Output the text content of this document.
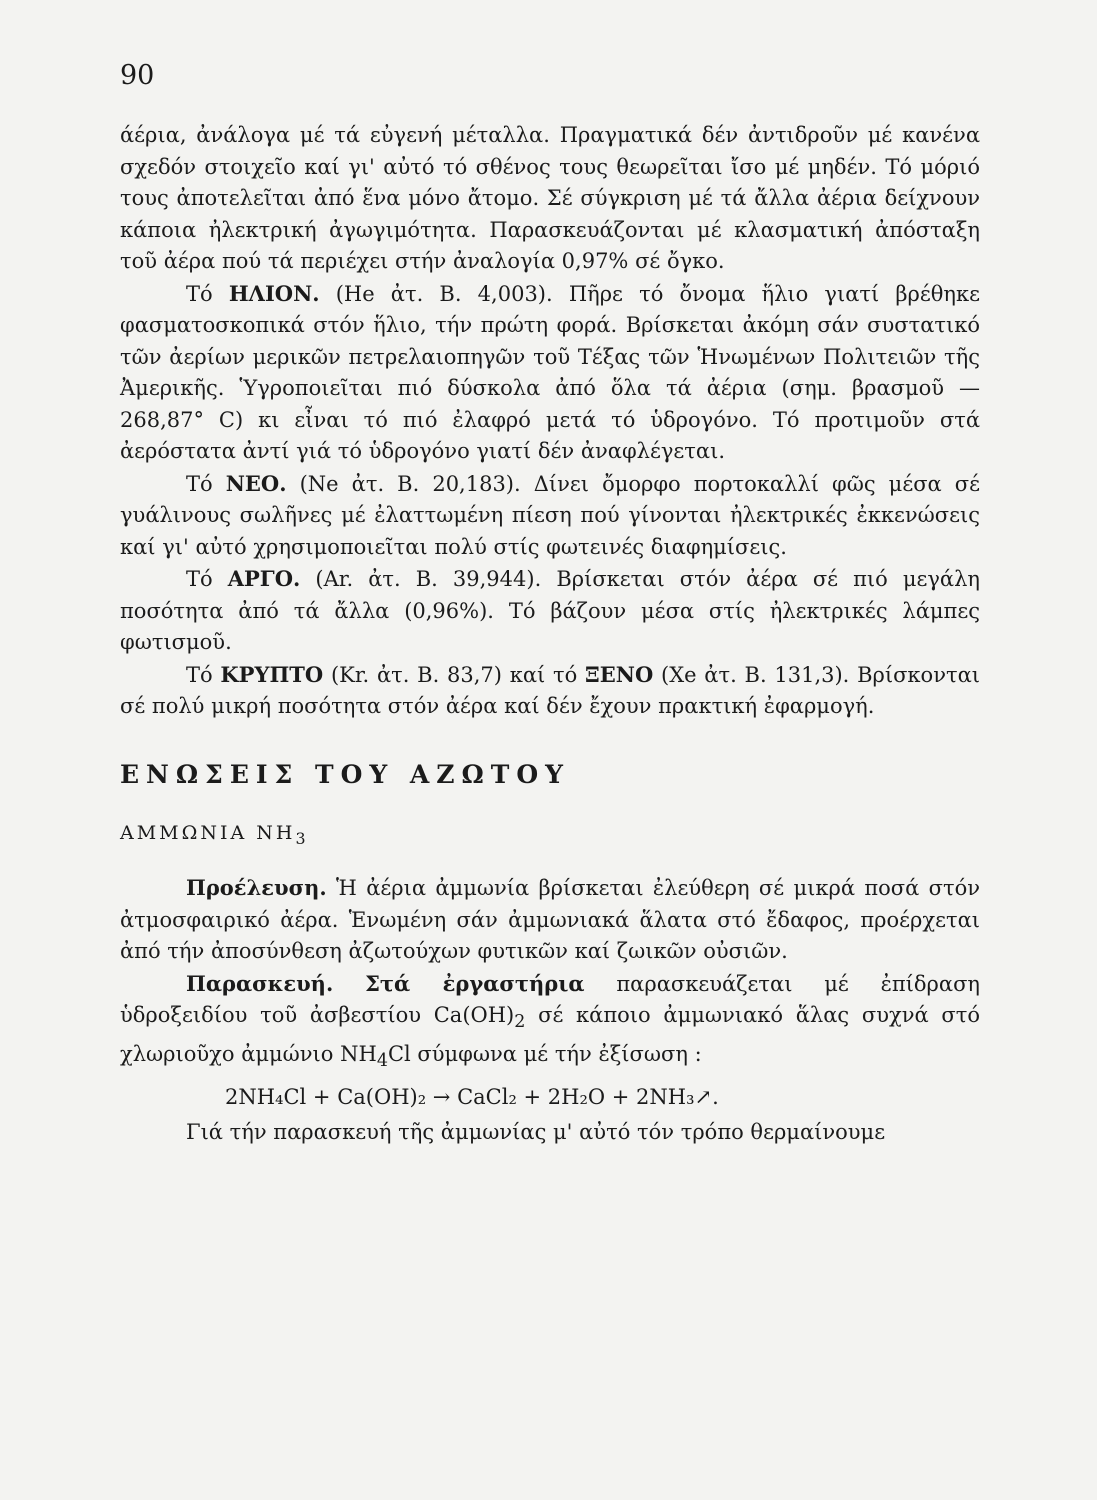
90

άέρια, ἀνάλογα μέ τά εὐγενή μέταλλα. Πραγματικά δέν ἀντιδροῦν μέ κανένα σχεδόν στοιχεῖο καί γι' αὐτό τό σθένος τους θεωρεῖται ἴσο μέ μηδέν. Τό μόριό τους ἀποτελεῖται ἀπό ἕνα μόνο ἄτομο. Σέ σύγκριση μέ τά ἄλλα ἀέρια δείχνουν κάποια ἠλεκτρική ἀγωγιμότητα. Παρασκευάζονται μέ κλασματική ἀπόσταξη τοῦ ἀέρα πού τά περιέχει στήν ἀναλογία 0,97% σέ ὄγκο.

Τό ΗΛΙΟΝ. (He ἀτ. B. 4,003). Πῆρε τό ὄνομα ἥλιο γιατί βρέθηκε φασματοσκοπικά στόν ἥλιο, τήν πρώτη φορά. Βρίσκεται ἀκόμη σάν συστατικό τῶν ἀερίων μερικῶν πετρελαιοπηγῶν τοῦ Τέξας τῶν Ἡνωμένων Πολιτειῶν τῆς Ἀμερικῆς. Ὑγροποιεῖται πιό δύσκολα ἀπό ὅλα τά ἀέρια (σημ. βρασμοῦ — 268,87° C) κι εἶναι τό πιό ἐλαφρό μετά τό ὑδρογόνο. Τό προτιμοῦν στά ἀερόστατα ἀντί γιά τό ὑδρογόνο γιατί δέν ἀναφλέγεται.

Τό ΝΕΟ. (Ne ἀτ. B. 20,183). Δίνει ὄμορφο πορτοκαλλί φῶς μέσα σέ γυάλινους σωλῆνες μέ ἐλαττωμένη πίεση πού γίνονται ἠλεκτρικές ἐκκενώσεις καί γι' αὐτό χρησιμοποιεῖται πολύ στίς φωτεινές διαφημίσεις.

Τό ΑΡΓΟ. (Ar. ἀτ. B. 39,944). Βρίσκεται στόν ἀέρα σέ πιό μεγάλη ποσότητα ἀπό τά ἄλλα (0,96%). Τό βάζουν μέσα στίς ἠλεκτρικές λάμπες φωτισμοῦ.

Τό ΚΡΥΠΤΟ (Kr. ἀτ. B. 83,7) καί τό ΞΕΝΟ (Xe ἀτ. B. 131,3). Βρίσκονται σέ πολύ μικρή ποσότητα στόν ἀέρα καί δέν ἔχουν πρακτική ἐφαρμογή.

ΕΝΩΣΕΙΣ ΤΟΥ ΑΖΩΤΟΥ

ΑΜΜΩΝΙΑ $NH_3$

Προέλευση. Ἡ ἀέρια ἀμμωνία βρίσκεται ἐλεύθερη σέ μικρά ποσά στόν ἀτμοσφαιρικό ἀέρα. Ἑνωμένη σάν ἀμμωνιακά ἅλατα στό ἔδαφος, προέρχεται ἀπό τήν ἀποσύνθεση ἀζωτούχων φυτικῶν καί ζωικῶν οὐσιῶν.

Παρασκευή. Στά ἐργαστήρια παρασκευάζεται μέ ἐπίδραση ὑδροξειδίου τοῦ ἀσβεστίου $Ca(OH)_2$ σέ κάποιο ἀμμωνιακό ἅλας συχνά στό χλωριοῦχο ἀμμώνιο $NH_4Cl$ σύμφωνα μέ τήν ἐξίσωση :

2NH₄Cl + Ca(OH)₂ → CaCl₂ + 2H₂O + 2NH₃↗.

Γιά τήν παρασκευή τῆς ἀμμωνίας μ' αὐτό τόν τρόπο θερμαίνουμε
